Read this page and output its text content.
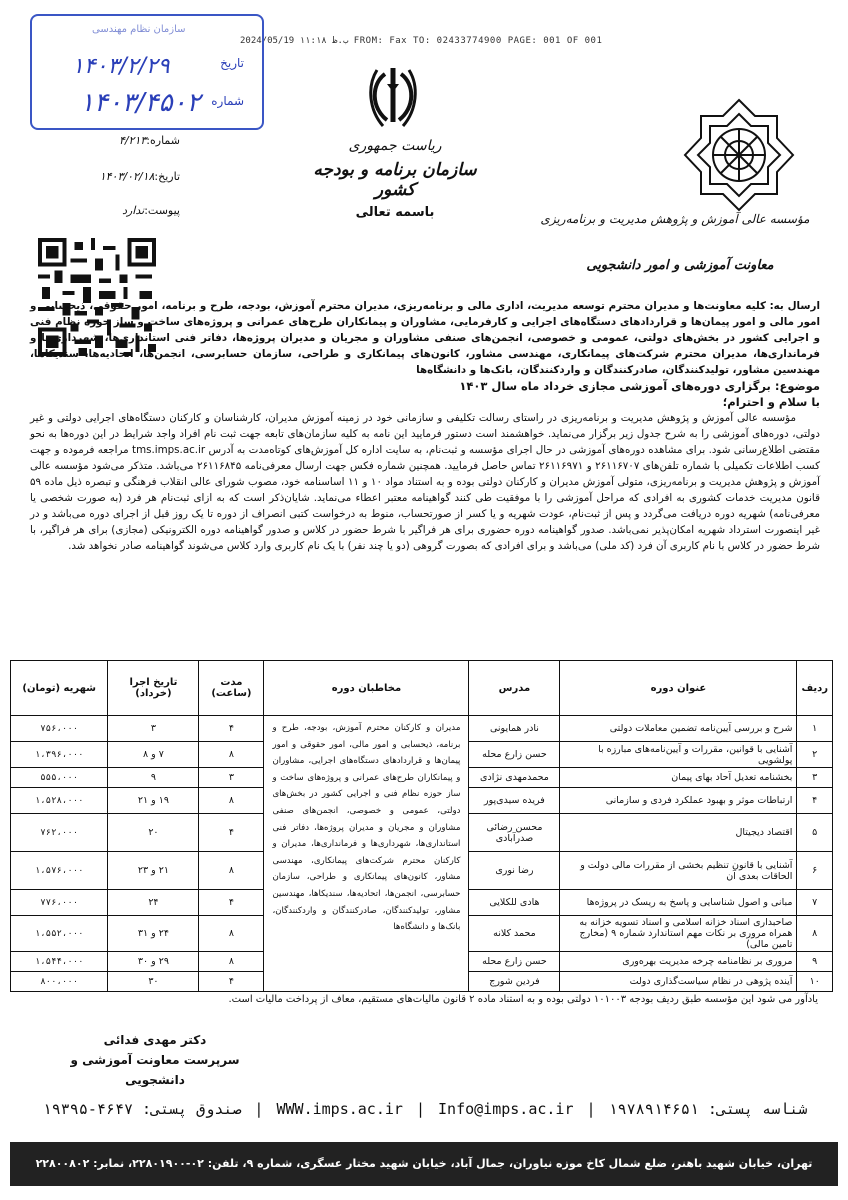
2024/05/19 ب.ظ ۱۱:۱۸ FROM: Fax TO: 02433774900 PAGE: 001 OF 001
سازمان نظام مهندسی
تاریخ
۱۴۰۳/۲/۲۹
شماره
۱۴۰۳/۴۵۰۲
شماره:۴/۲۱۳
تاریخ:۱۴۰۳/۰۲/۱۸
پیوست:ندارد
ریاست جمهوری
سازمان برنامه و بودجه کشور
باسمه تعالی	مؤسسه عالی آموزش و پژوهش مدیریت و برنامه‌ریزی
معاونت آموزشی و امور دانشجویی
ارسال به: کلیه معاونت‌ها و مدیران محترم توسعه مدیریت، اداری مالی و برنامه‌ریزی، مدیران محترم آموزش، بودجه، طرح و برنامه، امور حقوقی، ذیحسابی و امور مالی و امور پیمان‌ها و قراردادهای دستگاه‌های اجرایی و کارفرمایی، مشاوران و پیمانکاران طرح‌های عمرانی و پروژه‌های ساخت و ساز حوزه نظام فنی و اجرایی کشور در بخش‌های دولتی، عمومی و خصوصی، انجمن‌های صنفی مشاوران و مجریان و مدیران پروژه‌ها، دفاتر فنی استانداری‌ها، شهرداری‌ها و فرمانداری‌ها، مدیران محترم شرکت‌های پیمانکاری، مهندسی مشاور، کانون‌های پیمانکاری و طراحی، سازمان حسابرسی، انجمن‌ها، اتحادیه‌ها، سندیکاها، مهندسین مشاور، تولیدکنندگان، صادرکنندگان و واردکنندگان، بانک‌ها و دانشگاه‌ها
موضوع: برگزاری دوره‌های آموزشی مجازی خرداد ماه سال ۱۴۰۳
با سلام و احترام؛
مؤسسه عالی آموزش و پژوهش مدیریت و برنامه‌ریزی در راستای رسالت تکلیفی و سازمانی خود در زمینه آموزش مدیران، کارشناسان و کارکنان دستگاه‌های اجرایی دولتی و غیر دولتی، دوره‌های آموزشی را به شرح جدول زیر برگزار می‌نماید. خواهشمند است دستور فرمایید این نامه به کلیه سازمان‌های تابعه جهت ثبت نام افراد واجد شرایط در این دوره‌ها به نحو مقتضی اطلاع‌رسانی شود. برای مشاهده دوره‌های آموزشی در حال اجرای مؤسسه و ثبت‌نام، به سایت اداره کل آموزش‌های کوتاه‌مدت به آدرس tms.imps.ac.ir مراجعه فرموده و جهت کسب اطلاعات تکمیلی با شماره تلفن‌های ۲۶۱۱۶۷۰۷ و ۲۶۱۱۶۹۷۱ تماس حاصل فرمایید. همچنین شماره فکس جهت ارسال معرفی‌نامه ۲۶۱۱۶۸۴۵ می‌باشد. متذکر می‌شود مؤسسه عالی آموزش و پژوهش مدیریت و برنامه‌ریزی، متولی آموزش مدیران و کارکنان دولتی بوده و به استناد مواد ۱۰ و ۱۱ اساسنامه خود، مصوب شورای عالی انقلاب فرهنگی و تبصره ذیل ماده ۵۹ قانون مدیریت خدمات کشوری به افرادی که مراحل آموزشی را با موفقیت طی کنند گواهینامه معتبر اعطاء می‌نماید. شایان‌ذکر است که به ازای ثبت‌نام هر فرد (به صورت شخصی یا معرفی‌نامه) شهریه دوره دریافت می‌گردد و پس از ثبت‌نام، عودت شهریه و یا کسر از صورتحساب، منوط به درخواست کتبی انصراف از دوره تا یک روز قبل از اجرای دوره می‌باشد و در غیر اینصورت استرداد شهریه امکان‌پذیر نمی‌باشد. صدور گواهینامه دوره حضوری برای هر فراگیر با شرط حضور در کلاس و صدور گواهینامه دوره الکترونیکی (مجازی) برای هر فراگیر، با شرط حضور در کلاس با نام کاربری آن فرد (کد ملی) می‌باشد و برای افرادی که بصورت گروهی (دو یا چند نفر) با یک نام کاربری وارد کلاس می‌شوند گواهینامه صادر نخواهد شد.
ردیف	عنوان دوره	مدرس	مخاطبان دوره	مدت (ساعت)	تاریخ اجرا (خرداد)	شهریه (تومان)
۱	شرح و بررسی آیین‌نامه تضمین معاملات دولتی	نادر همایونی	مدیران و کارکنان محترم آموزش، بودجه، طرح و برنامه، ذیحسابی و امور مالی، امور حقوقی و امور پیمان‌ها و قراردادهای دستگاه‌های اجرایی، مشاوران و پیمانکاران طرح‌های عمرانی و پروژه‌های ساخت و ساز حوزه نظام فنی و اجرایی کشور در بخش‌های دولتی، عمومی و خصوصی، انجمن‌های صنفی مشاوران و مجریان و مدیران پروژه‌ها، دفاتر فنی استانداری‌ها، شهرداری‌ها و فرمانداری‌ها، مدیران و کارکنان محترم شرکت‌های پیمانکاری، مهندسی مشاور، کانون‌های پیمانکاری و طراحی، سازمان حسابرسی، انجمن‌ها، اتحادیه‌ها، سندیکاها، مهندسین مشاور، تولیدکنندگان، صادرکنندگان و واردکنندگان، بانک‌ها و دانشگاه‌ها	۴	۳	۷۵۶،۰۰۰
۲	آشنایی با قوانین، مقررات و آیین‌نامه‌های مبارزه با پولشویی	حسن زارع محله		۸	۷ و ۸	۱،۳۹۶،۰۰۰
۳	بخشنامه تعدیل آحاد بهای پیمان	محمدمهدی نژادی		۳	۹	۵۵۵،۰۰۰
۴	ارتباطات موثر و بهبود عملکرد فردی و سازمانی	فریده سیدی‌پور		۸	۱۹ و ۲۱	۱،۵۲۸،۰۰۰
۵	اقتصاد دیجیتال	محسن رضائی صدرآبادی		۴	۲۰	۷۶۲،۰۰۰
۶	آشنایی با قانون تنظیم بخشی از مقررات مالی دولت و الحاقات بعدی آن	رضا نوری		۸	۲۱ و ۲۳	۱،۵۷۶،۰۰۰
۷	مبانی و اصول شناسایی و پاسخ به ریسک در پروژه‌ها	هادی للکلایی		۴	۲۴	۷۷۶،۰۰۰
۸	صاحبداری اسناد خزانه اسلامی و اسناد تسویه خزانه به همراه مروری بر نکات مهم استاندارد شماره ۹ (مخارج تامین مالی)	محمد کلانه		۸	۲۴ و ۳۱	۱،۵۵۲،۰۰۰
۹	مروری بر نظامنامه چرخه مدیریت بهره‌وری	حسن زارع محله		۸	۲۹ و ۳۰	۱،۵۴۴،۰۰۰
۱۰	آینده پژوهی در نظام سیاست‌گذاری دولت	فردین شورج		۴	۳۰	۸۰۰،۰۰۰
یادآور می شود این مؤسسه طبق ردیف بودجه ۱۰۱۰۰۳ دولتی بوده و به استناد ماده ۲ قانون مالیات‌های مستقیم، معاف از پرداخت مالیات است.
دکتر مهدی فدائی
سرپرست معاونت آموزشی و دانشجویی
صندوق پستی: ۴۶۴۷-۱۹۳۹۵ | WWW.imps.ac.ir | Info@imps.ac.ir | شناسه پستی: ۱۹۷۸۹۱۴۶۵۱
تهران، خیابان شهید باهنر، ضلع شمال کاخ موزه نیاوران، جمال آباد، خیابان شهید مختار عسگری، شماره ۹، تلفن: ۰۲-۲۲۸۰۱۹۰۰، نمابر: ۲۲۸۰۰۸۰۲
